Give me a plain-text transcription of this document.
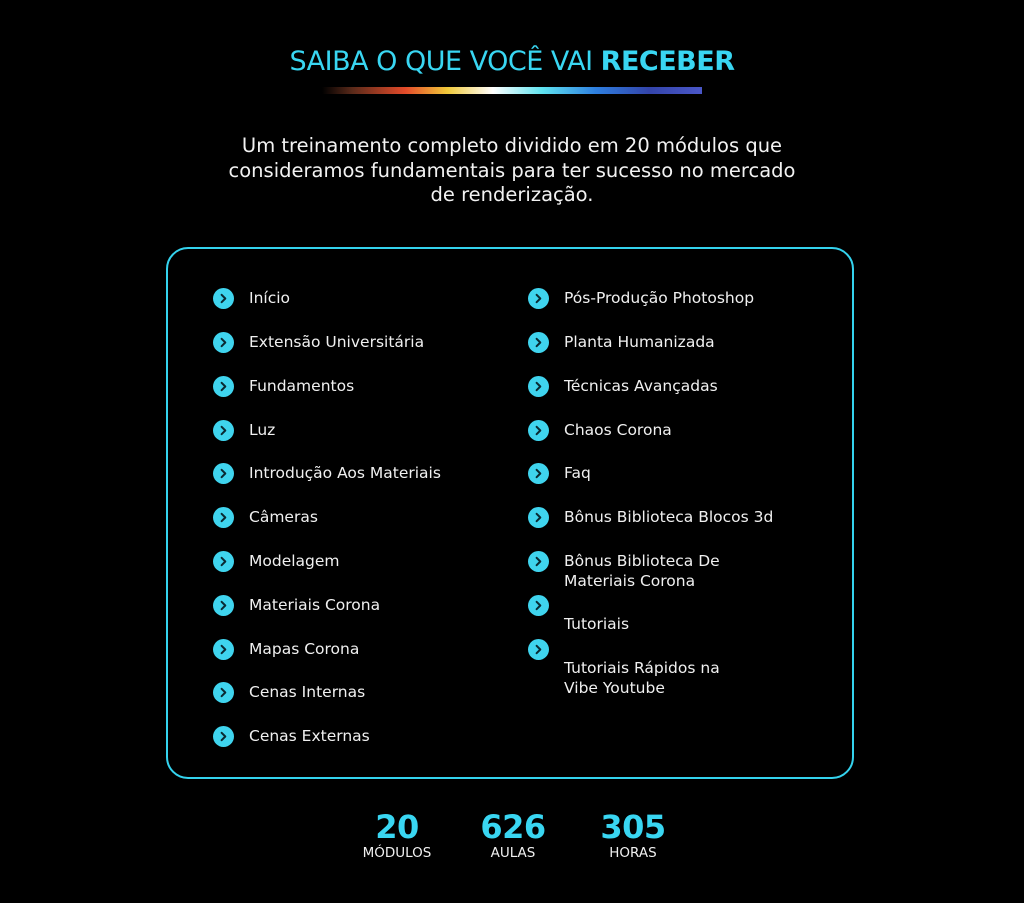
SAIBA O QUE VOCÊ VAI RECEBER
Um treinamento completo dividido em 20 módulos que
consideramos fundamentais para ter sucesso no mercado
de renderização.
Início
Extensão Universitária
Fundamentos
Luz
Introdução Aos Materiais
Câmeras
Modelagem
Materiais Corona
Mapas Corona
Cenas Internas
Cenas Externas
Pós-Produção Photoshop
Planta Humanizada
Técnicas Avançadas
Chaos Corona
Faq
Bônus Biblioteca Blocos 3d
Bônus Biblioteca De Materiais Corona
Tutoriais
Tutoriais Rápidos na Vibe Youtube
20
MÓDULOS
626
AULAS
305
HORAS
